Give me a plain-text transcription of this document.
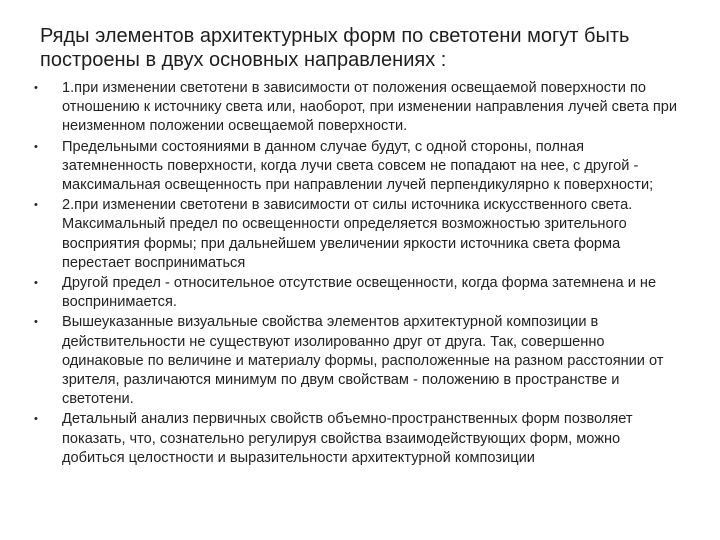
Ряды элементов архитектурных форм по светотени могут быть построены в двух основных направлениях :
• 1.при изменении светотени в зависимости от положения освещаемой поверхности по отношению к источнику света или, наоборот, при изменении направления лучей света при неизменном положении освещаемой поверхности.
• Предельными состояниями в данном случае будут, с одной стороны, полная затемненность поверхности, когда лучи света совсем не попадают на нее, с другой - максимальная освещенность при направлении лучей перпендикулярно к поверхности;
• 2.при изменении светотени в зависимости от силы источника искусственного света. Максимальный предел по освещенности определяется возможностью зрительного восприятия формы; при дальнейшем увеличении яркости источника света форма перестает восприниматься
• Другой предел - относительное отсутствие освещенности, когда форма затемнена и не воспринимается.
• Вышеуказанные визуальные свойства элементов архитектурной композиции в действительности не существуют изолированно друг от друга. Так, совершенно одинаковые по величине и материалу формы, расположенные на разном расстоянии от зрителя, различаются минимум по двум свойствам - положению в пространстве и светотени.
• Детальный анализ первичных свойств объемно-пространственных форм позволяет показать, что, сознательно регулируя свойства взаимодействующих форм, можно добиться целостности и выразительности архитектурной композиции
